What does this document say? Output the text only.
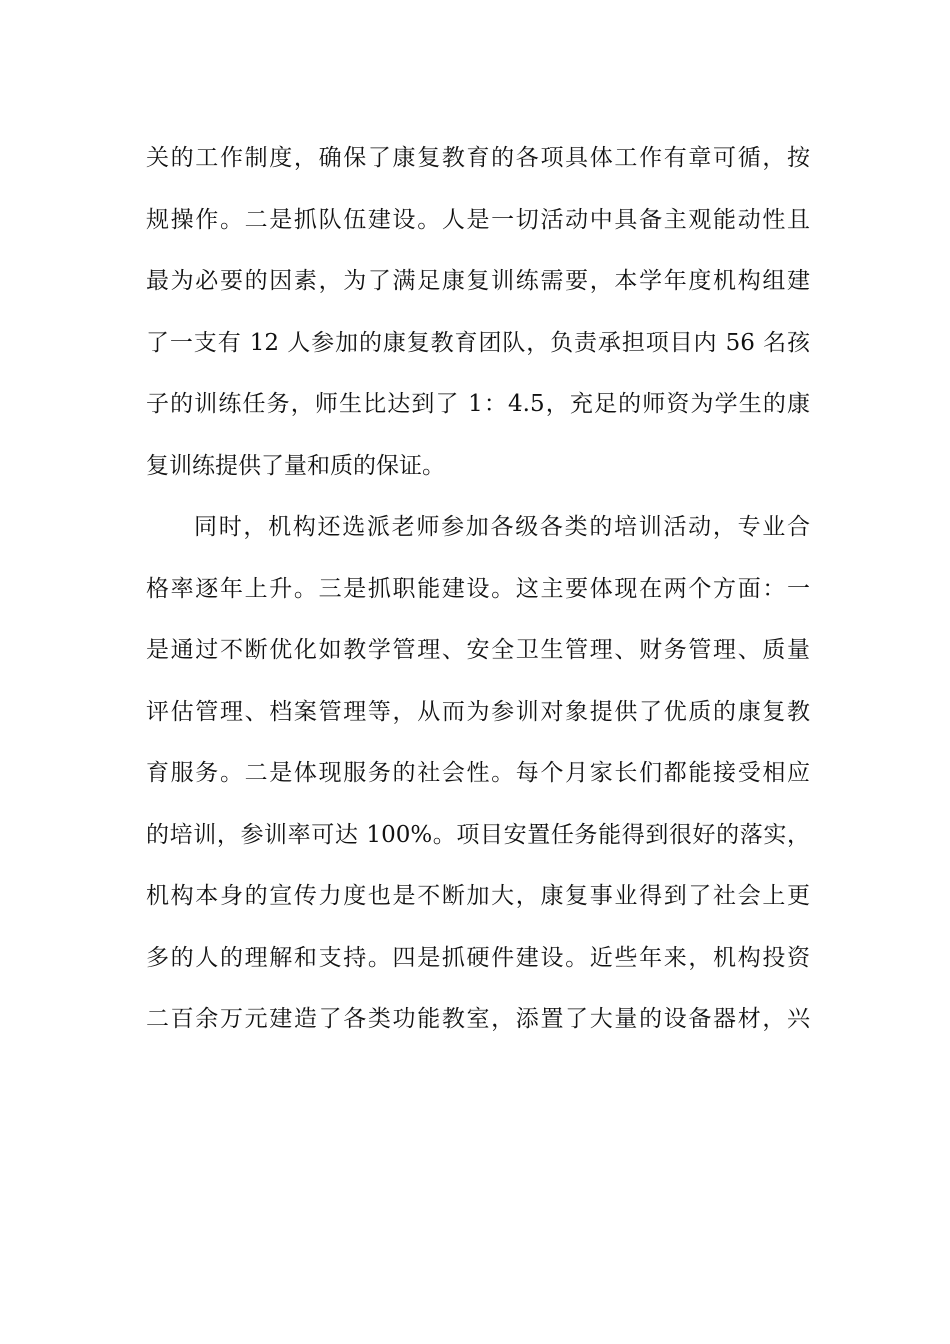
关的工作制度，确保了康复教育的各项具体工作有章可循，按
规操作。二是抓队伍建设。人是一切活动中具备主观能动性且
最为必要的因素，为了满足康复训练需要，本学年度机构组建
了一支有 12 人参加的康复教育团队，负责承担项目内 56 名孩
子的训练任务，师生比达到了 1：4.5，充足的师资为学生的康
复训练提供了量和质的保证。
同时，机构还选派老师参加各级各类的培训活动，专业合
格率逐年上升。三是抓职能建设。这主要体现在两个方面：一
是通过不断优化如教学管理、安全卫生管理、财务管理、质量
评估管理、档案管理等，从而为参训对象提供了优质的康复教
育服务。二是体现服务的社会性。每个月家长们都能接受相应
的培训，参训率可达 100%。项目安置任务能得到很好的落实，
机构本身的宣传力度也是不断加大，康复事业得到了社会上更
多的人的理解和支持。四是抓硬件建设。近些年来，机构投资
二百余万元建造了各类功能教室，添置了大量的设备器材，兴
